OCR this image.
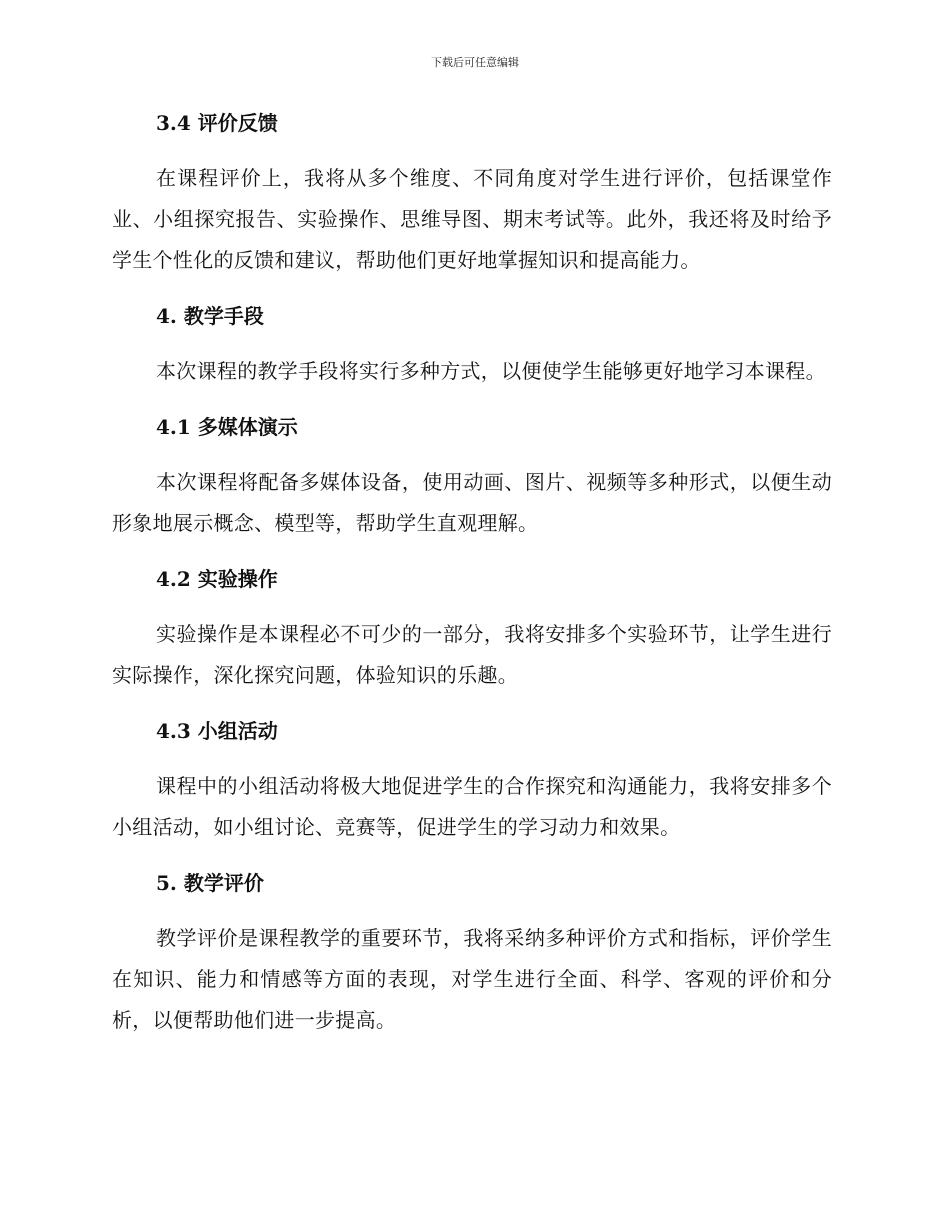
下载后可任意编辑

3.4 评价反馈

在课程评价上，我将从多个维度、不同角度对学生进行评价，包括课堂作业、小组探究报告、实验操作、思维导图、期末考试等。此外，我还将及时给予学生个性化的反馈和建议，帮助他们更好地掌握知识和提高能力。

4. 教学手段

本次课程的教学手段将实行多种方式，以便使学生能够更好地学习本课程。

4.1 多媒体演示

本次课程将配备多媒体设备，使用动画、图片、视频等多种形式，以便生动形象地展示概念、模型等，帮助学生直观理解。

4.2 实验操作

实验操作是本课程必不可少的一部分，我将安排多个实验环节，让学生进行实际操作，深化探究问题，体验知识的乐趣。

4.3 小组活动

课程中的小组活动将极大地促进学生的合作探究和沟通能力，我将安排多个小组活动，如小组讨论、竞赛等，促进学生的学习动力和效果。

5. 教学评价

教学评价是课程教学的重要环节，我将采纳多种评价方式和指标，评价学生在知识、能力和情感等方面的表现，对学生进行全面、科学、客观的评价和分析，以便帮助他们进一步提高。
